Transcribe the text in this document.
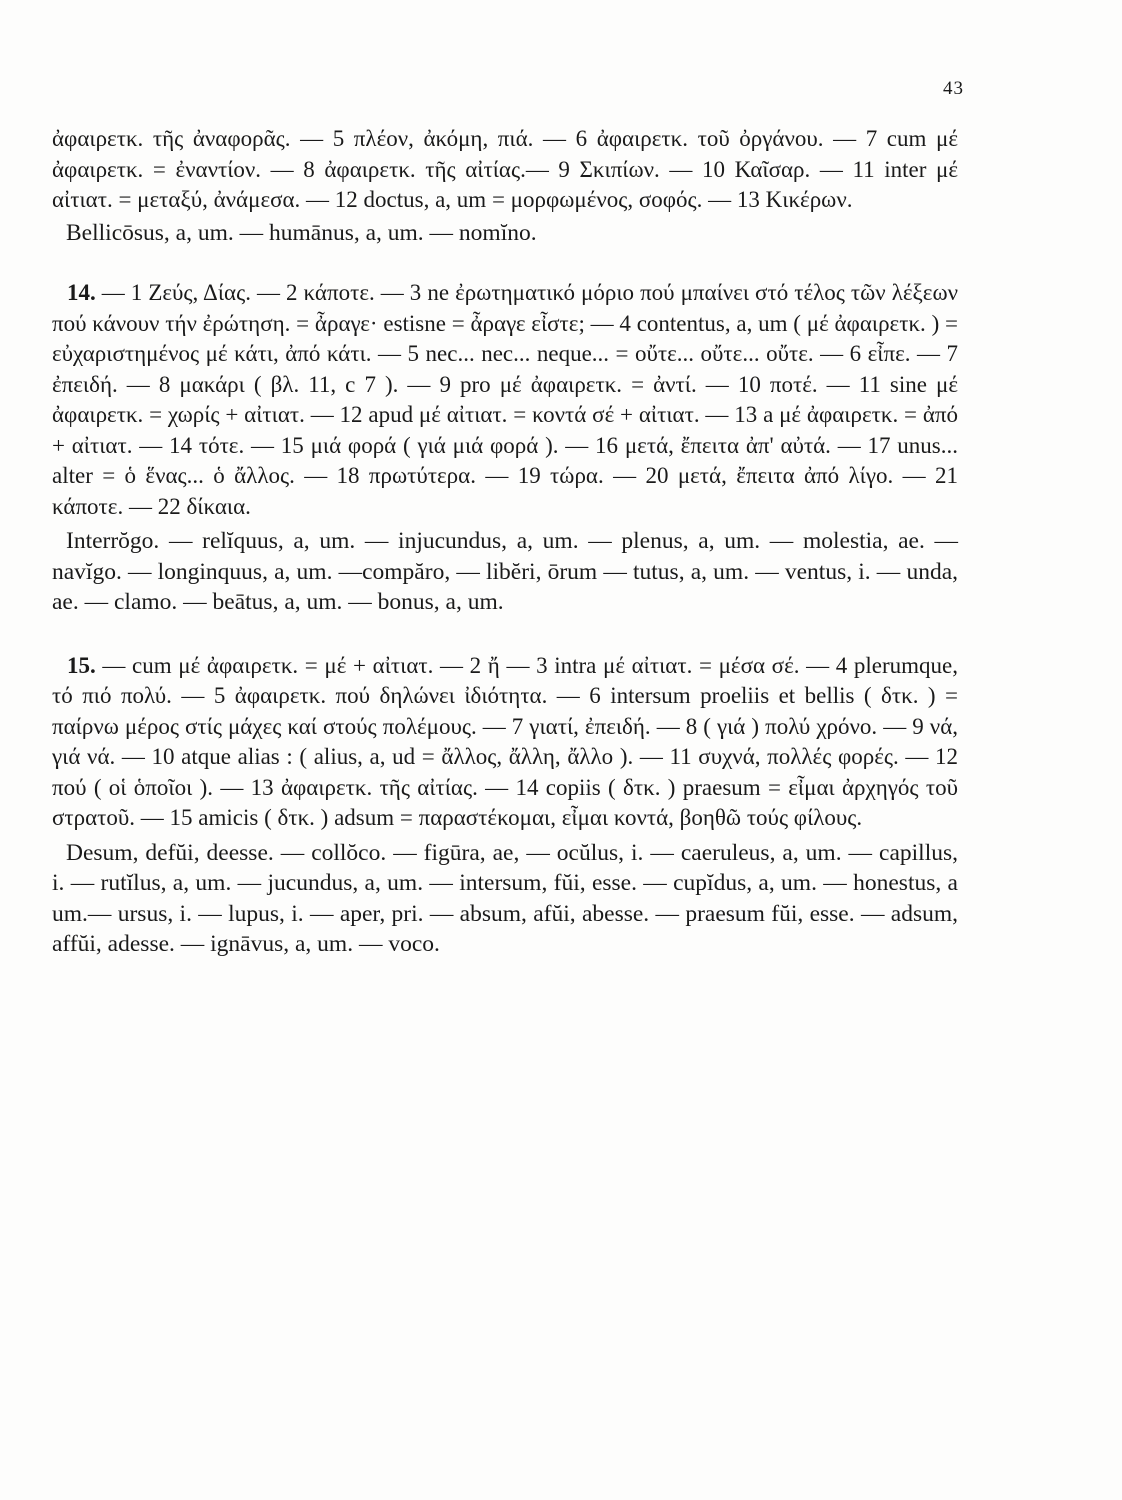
43

ἀφαιρετκ. τῆς ἀναφορᾶς. — 5 πλέον, ἀκόμη, πιά. — 6 ἀφαιρετκ. τοῦ ὀργάνου. — 7 cum μέ ἀφαιρετκ. = ἐναντίον. — 8 ἀφαιρετκ. τῆς αἰτίας.— 9 Σκιπίων. — 10 Καῖσαρ. — 11 inter μέ αἰτιατ. = μεταξύ, ἀνάμεσα. — 12 doctus, a, um = μορφωμένος, σοφός. — 13 Κικέρων.

Bellicōsus, a, um. — humānus, a, um. — nomĭno.

14. — 1 Ζεύς, Δίας. — 2 κάποτε. — 3 ne ἐρωτηματικό μόριο πού μπαίνει στό τέλος τῶν λέξεων πού κάνουν τήν ἐρώτηση. = ἆραγε· estisne = ἆραγε εἶστε; — 4 contentus, a, um ( μέ ἀφαιρετκ. ) = εὐχαριστημένος μέ κάτι, ἀπό κάτι. — 5 nec... nec... neque... = οὔτε... οὔτε... οὔτε. — 6 εἶπε. — 7 ἐπειδή. — 8 μακάρι ( βλ. 11, c 7 ). — 9 pro μέ ἀφαιρετκ. = ἀντί. — 10 ποτέ. — 11 sine μέ ἀφαιρετκ. = χωρίς + αἰτιατ. — 12 apud μέ αἰτιατ. = κοντά σέ + αἰτιατ. — 13 a μέ ἀφαιρετκ. = ἀπό + αἰτιατ. — 14 τότε. — 15 μιά φορά ( γιά μιά φορά ). — 16 μετά, ἔπειτα ἀπ' αὐτά. — 17 unus... alter = ὁ ἕνας... ὁ ἄλλος. — 18 πρωτύτερα. — 19 τώρα. — 20 μετά, ἔπειτα ἀπό λίγο. — 21 κάποτε. — 22 δίκαια.

Interrŏgo. — relĭquus, a, um. — injucundus, a, um. — plenus, a, um. — molestia, ae. — navĭgo. — longinquus, a, um. —compăro, — libĕri, ōrum — tutus, a, um. — ventus, i. — unda, ae. — clamo. — beātus, a, um. — bonus, a, um.

15. — cum μέ ἀφαιρετκ. = μέ + αἰτιατ. — 2 ἤ — 3 intra μέ αἰτιατ. = μέσα σέ. — 4 plerumque, τό πιό πολύ. — 5 ἀφαιρετκ. πού δηλώνει ἰδιότητα. — 6 intersum proeliis et bellis ( δτκ. ) = παίρνω μέρος στίς μάχες καί στούς πολέμους. — 7 γιατί, ἐπειδή. — 8 ( γιά ) πολύ χρόνο. — 9 νά, γιά νά. — 10 atque alias : ( alius, a, ud = ἄλλος, ἄλλη, ἄλλο ). — 11 συχνά, πολλές φορές. — 12 πού ( οἱ ὁποῖοι ). — 13 ἀφαιρετκ. τῆς αἰτίας. — 14 copiis ( δτκ. ) praesum = εἶμαι ἀρχηγός τοῦ στρατοῦ. — 15 amicis ( δτκ. ) adsum = παραστέκομαι, εἶμαι κοντά, βοηθῶ τούς φίλους.

Desum, defŭi, deesse. — collŏco. — figūra, ae, — ocŭlus, i. — caeruleus, a, um. — capillus, i. — rutĭlus, a, um. — jucundus, a, um. — intersum, fŭi, esse. — cupĭdus, a, um. — honestus, a um.— ursus, i. — lupus, i. — aper, pri. — absum, afŭi, abesse. — praesum fŭi, esse. — adsum, affŭi, adesse. — ignāvus, a, um. — voco.
